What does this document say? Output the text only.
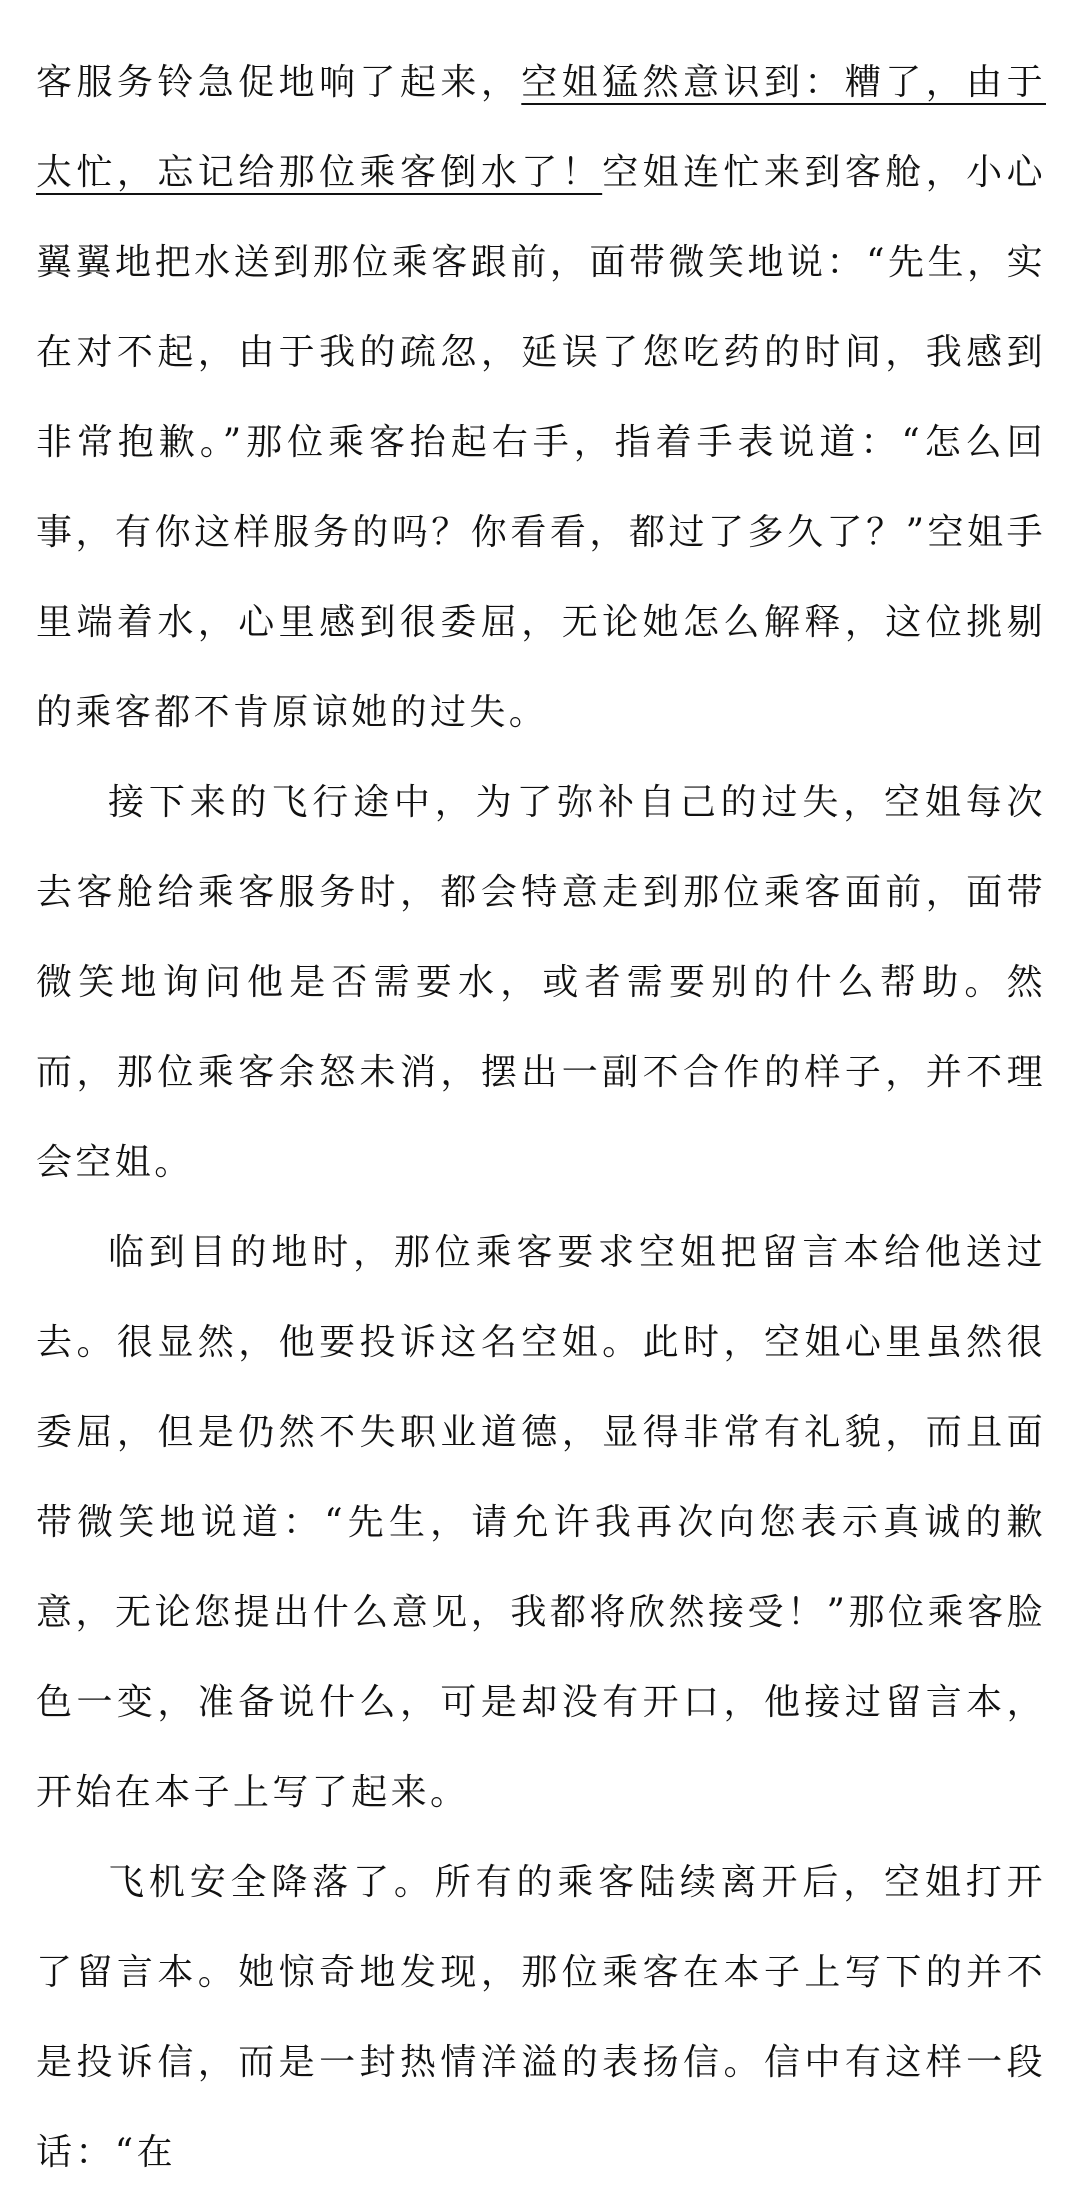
客服务铃急促地响了起来，空姐猛然意识到：糟了，由于太忙，忘记给那位乘客倒水了！空姐连忙来到客舱，小心翼翼地把水送到那位乘客跟前，面带微笑地说：“先生，实在对不起，由于我的疏忽，延误了您吃药的时间，我感到非常抱歉。”那位乘客抬起右手，指着手表说道：“怎么回事，有你这样服务的吗？你看看，都过了多久了？”空姐手里端着水，心里感到很委屈，无论她怎么解释，这位挑剔的乘客都不肯原谅她的过失。

接下来的飞行途中，为了弥补自己的过失，空姐每次去客舱给乘客服务时，都会特意走到那位乘客面前，面带微笑地询问他是否需要水，或者需要别的什么帮助。然而，那位乘客余怒未消，摆出一副不合作的样子，并不理会空姐。

临到目的地时，那位乘客要求空姐把留言本给他送过去。很显然，他要投诉这名空姐。此时，空姐心里虽然很委屈，但是仍然不失职业道德，显得非常有礼貌，而且面带微笑地说道：“先生，请允许我再次向您表示真诚的歉意，无论您提出什么意见，我都将欣然接受！”那位乘客脸色一变，准备说什么，可是却没有开口，他接过留言本，开始在本子上写了起来。

飞机安全降落了。所有的乘客陆续离开后，空姐打开了留言本。她惊奇地发现，那位乘客在本子上写下的并不是投诉信，而是一封热情洋溢的表扬信。信中有这样一段话：“在
